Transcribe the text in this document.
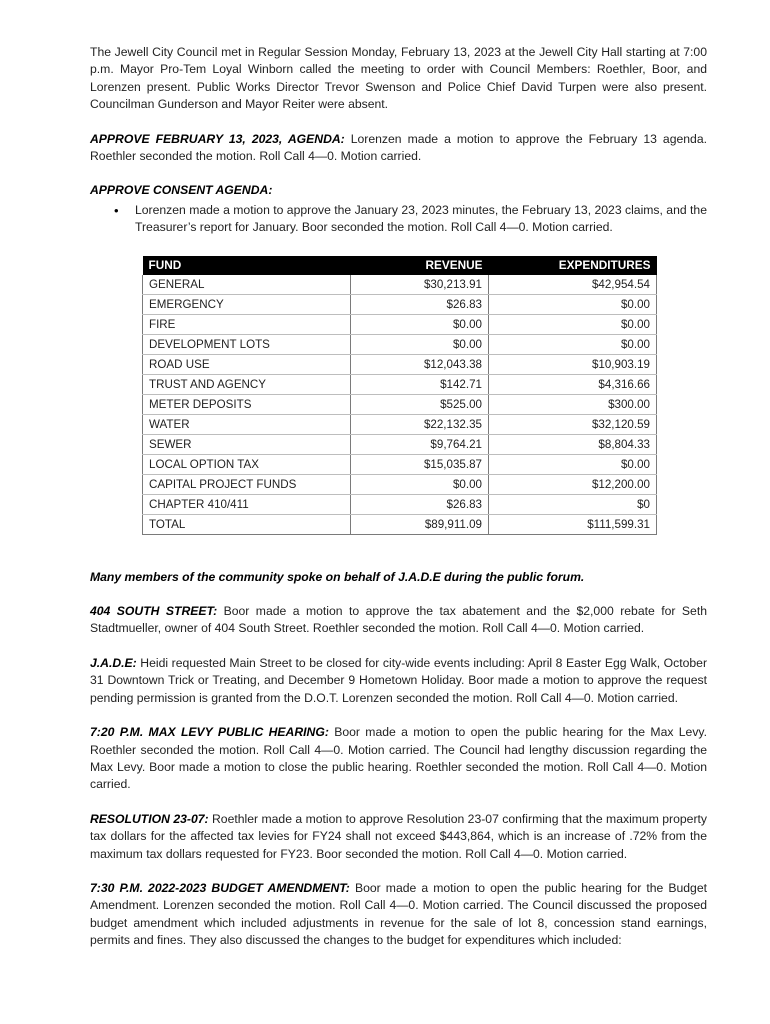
The Jewell City Council met in Regular Session Monday, February 13, 2023 at the Jewell City Hall starting at 7:00 p.m. Mayor Pro-Tem Loyal Winborn called the meeting to order with Council Members: Roethler, Boor, and Lorenzen present. Public Works Director Trevor Swenson and Police Chief David Turpen were also present. Councilman Gunderson and Mayor Reiter were absent.

APPROVE FEBRUARY 13, 2023, AGENDA: Lorenzen made a motion to approve the February 13 agenda. Roethler seconded the motion. Roll Call 4—0. Motion carried.

APPROVE CONSENT AGENDA:

• Lorenzen made a motion to approve the January 23, 2023 minutes, the February 13, 2023 claims, and the Treasurer’s report for January. Boor seconded the motion. Roll Call 4—0. Motion carried.
FUND	REVENUE	EXPENDITURES
GENERAL	$30,213.91	$42,954.54
EMERGENCY	$26.83	$0.00
FIRE	$0.00	$0.00
DEVELOPMENT LOTS	$0.00	$0.00
ROAD USE	$12,043.38	$10,903.19
TRUST AND AGENCY	$142.71	$4,316.66
METER DEPOSITS	$525.00	$300.00
WATER	$22,132.35	$32,120.59
SEWER	$9,764.21	$8,804.33
LOCAL OPTION TAX	$15,035.87	$0.00
CAPITAL PROJECT FUNDS	$0.00	$12,200.00
CHAPTER 410/411	$26.83	$0
TOTAL	$89,911.09	$111,599.31

Many members of the community spoke on behalf of J.A.D.E during the public forum.

404 SOUTH STREET: Boor made a motion to approve the tax abatement and the $2,000 rebate for Seth Stadtmueller, owner of 404 South Street. Roethler seconded the motion. Roll Call 4—0. Motion carried.

J.A.D.E: Heidi requested Main Street to be closed for city-wide events including: April 8 Easter Egg Walk, October 31 Downtown Trick or Treating, and December 9 Hometown Holiday. Boor made a motion to approve the request pending permission is granted from the D.O.T. Lorenzen seconded the motion. Roll Call 4—0. Motion carried.

7:20 P.M. MAX LEVY PUBLIC HEARING: Boor made a motion to open the public hearing for the Max Levy. Roethler seconded the motion. Roll Call 4—0. Motion carried. The Council had lengthy discussion regarding the Max Levy. Boor made a motion to close the public hearing. Roethler seconded the motion. Roll Call 4—0. Motion carried.

RESOLUTION 23-07: Roethler made a motion to approve Resolution 23-07 confirming that the maximum property tax dollars for the affected tax levies for FY24 shall not exceed $443,864, which is an increase of .72% from the maximum tax dollars requested for FY23. Boor seconded the motion. Roll Call 4—0. Motion carried.

7:30 P.M. 2022-2023 BUDGET AMENDMENT: Boor made a motion to open the public hearing for the Budget Amendment. Lorenzen seconded the motion. Roll Call 4—0. Motion carried. The Council discussed the proposed budget amendment which included adjustments in revenue for the sale of lot 8, concession stand earnings, permits and fines. They also discussed the changes to the budget for expenditures which included:
